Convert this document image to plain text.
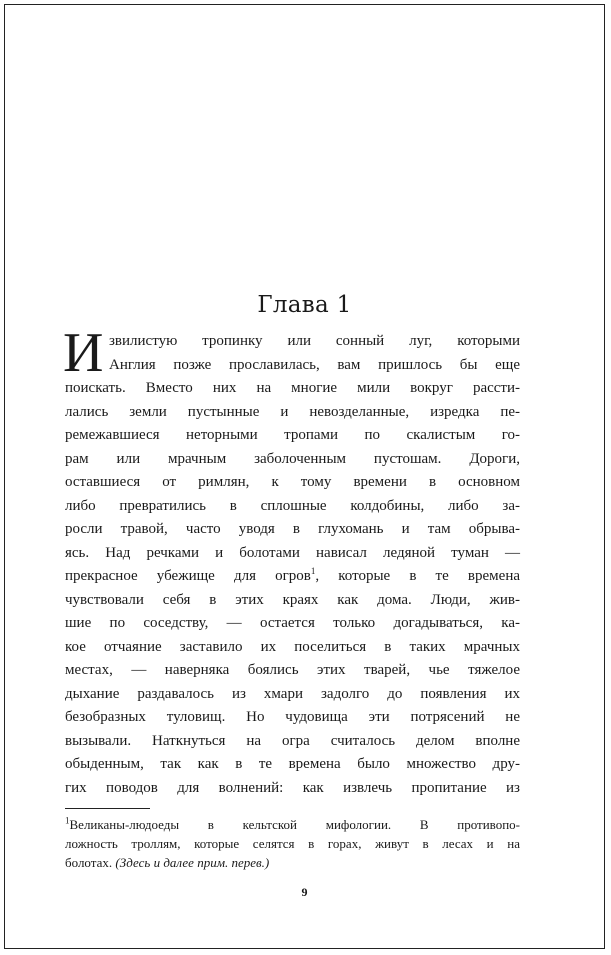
Глава 1
И звилистую тропинку или сонный луг, которыми
Англия позже прославилась, вам пришлось бы еще
поискать. Вместо них на многие мили вокруг рассти-
лались земли пустынные и невозделанные, изредка пе-
ремежавшиеся неторными тропами по скалистым го-
рам или мрачным заболоченным пустошам. Дороги,
оставшиеся от римлян, к тому времени в основном
либо превратились в сплошные колдобины, либо за-
росли травой, часто уводя в глухомань и там обрыва-
ясь. Над речками и болотами нависал ледяной туман —
прекрасное убежище для огров$^1$, которые в те времена
чувствовали себя в этих краях как дома. Люди, жив-
шие по соседству, — остается только догадываться, ка-
кое отчаяние заставило их поселиться в таких мрачных
местах, — наверняка боялись этих тварей, чье тяжелое
дыхание раздавалось из хмари задолго до появления их
безобразных туловищ. Но чудовища эти потрясений не
вызывали. Наткнуться на огра считалось делом вполне
обыденным, так как в те времена было множество дру-
гих поводов для волнений: как извлечь пропитание из
$^1$Великаны-людоеды в кельтской мифологии. В противопо-
ложность троллям, которые селятся в горах, живут в лесах и на
болотах. (Здесь и далее прим. перев.)
9
